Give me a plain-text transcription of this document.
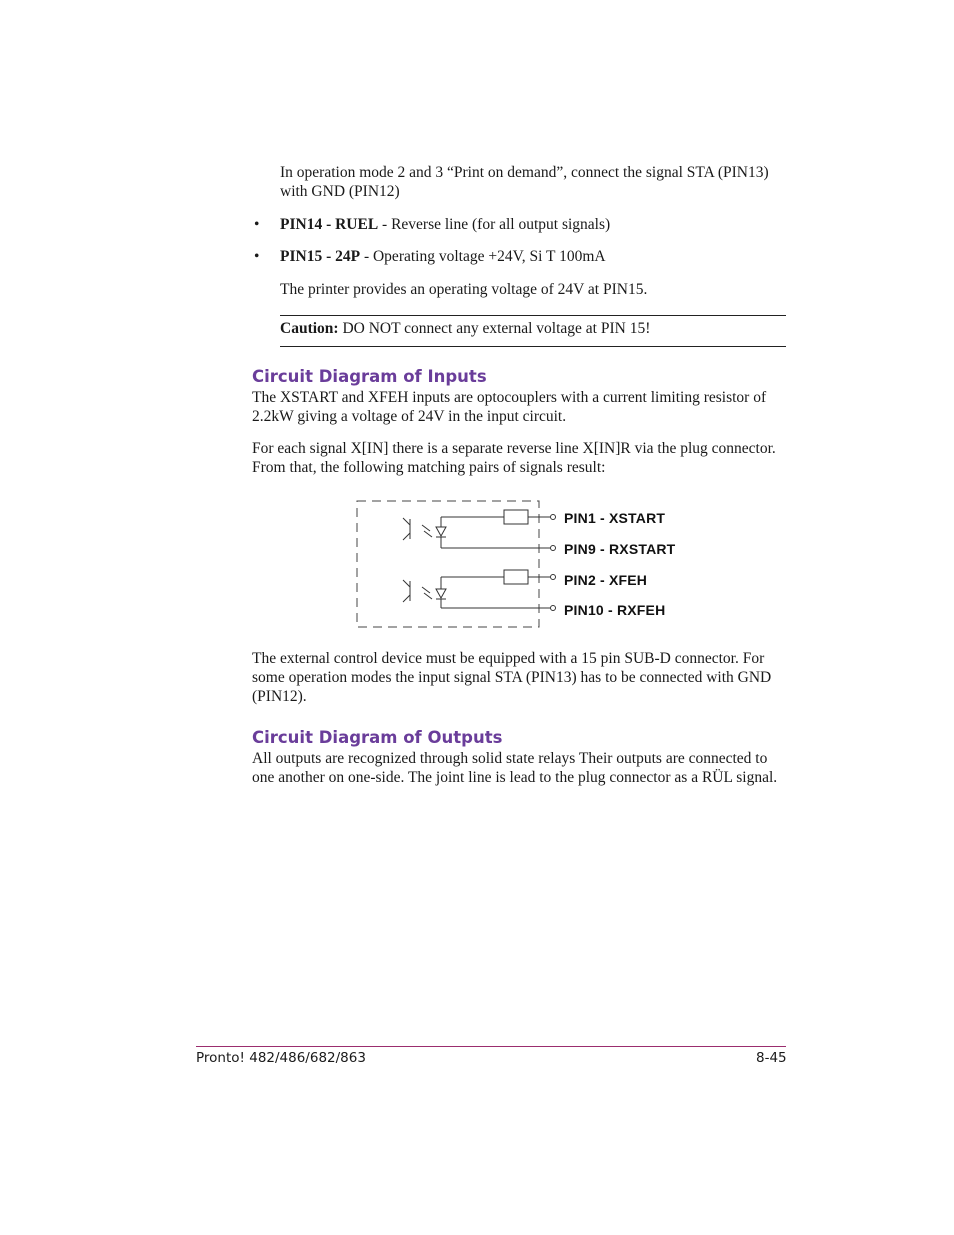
In operation mode 2 and 3 “Print on demand”, connect the signal STA (PIN13) with GND (PIN12)

• PIN14 - RUEL - Reverse line (for all output signals)
• PIN15 - 24P - Operating voltage +24V, Si T 100mA

The printer provides an operating voltage of 24V at PIN15.

Caution: DO NOT connect any external voltage at PIN 15!

Circuit Diagram of Inputs

The XSTART and XFEH inputs are optocouplers with a current limiting resistor of 2.2kW giving a voltage of 24V in the input circuit.

For each signal X[IN] there is a separate reverse line X[IN]R via the plug connector. From that, the following matching pairs of signals result:

PIN1 - XSTART
PIN9 - RXSTART
PIN2 - XFEH
PIN10 - RXFEH

The external control device must be equipped with a 15 pin SUB-D connector. For some operation modes the input signal STA (PIN13) has to be connected with GND (PIN12).

Circuit Diagram of Outputs

All outputs are recognized through solid state relays Their outputs are connected to one another on one-side. The joint line is lead to the plug connector as a RÜL signal.

Pronto! 482/486/682/863	8-45
